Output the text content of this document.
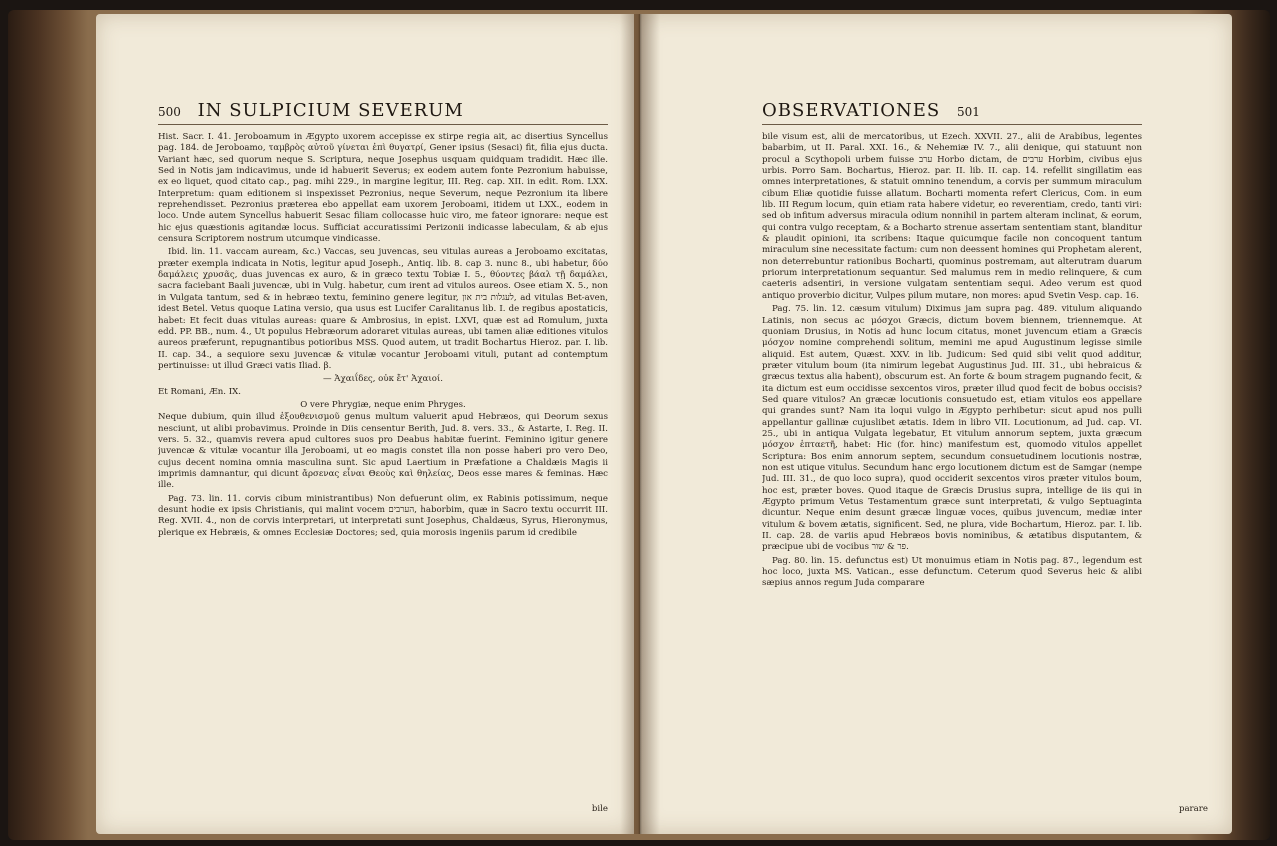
500 IN SULPICIUM SEVERUM

Hist. Sacr. I. 41. Jeroboamum in Ægypto uxorem accepisse ex stirpe regia ait, ac disertius Syncellus pag. 184. de Jeroboamo, ταμβρὸς αὐτοῦ γίνεται ἐπὶ θυγατρί, Gener ipsius (Sesaci) fit, filia ejus ducta. Variant hæc, sed quorum neque S. Scriptura, neque Josephus usquam quidquam tradidit. Hæc ille. Sed in Notis jam indicavimus, unde id habuerit Severus; ex eodem autem fonte Pezronium habuisse, ex eo liquet, quod citato cap., pag. mihi 229., in margine legitur, III. Reg. cap. XII. in edit. Rom. LXX. Interpretum: quam editionem si inspexisset Pezronius, neque Severum, neque Pezronium ita libere reprehendisset. Pezronius præterea ebo appellat eam uxorem Jeroboami, itidem ut LXX., eodem in loco. Unde autem Syncellus habuerit Sesac filiam collocasse huic viro, me fateor ignorare: neque est hic ejus quæstionis agitandæ locus. Sufficiat accuratissimi Perizonii indicasse labeculam, & ab ejus censura Scriptorem nostrum utcumque vindicasse.

Ibid. lin. 11. vaccam auream, &c.) Vaccas, seu juvencas, seu vitulas aureas a Jeroboamo excitatas, præter exempla indicata in Notis, legitur apud Joseph., Antiq. lib. 8. cap 3. nunc 8., ubi habetur, δύο δαμάλεις χρυσᾶς, duas juvencas ex auro, & in græco textu Tobiæ I. 5., θύοντες βάαλ τῇ δαμάλει, sacra faciebant Baali juvencæ, ubi in Vulg. habetur, cum irent ad vitulos aureos. Osee etiam X. 5., non in Vulgata tantum, sed & in hebræo textu, feminino genere legitur, לעגלות בית און, ad vitulas Bet-aven, idest Betel. Vetus quoque Latina versio, qua usus est Lucifer Caralitanus lib. I. de regibus apostaticis, habet: Et fecit duas vitulas aureas: quare & Ambrosius, in epist. LXVI, quæ est ad Romulum, juxta edd. PP. BB., num. 4., Ut populus Hebræorum adoraret vitulas aureas, ubi tamen aliæ editiones vitulos aureos præferunt, repugnantibus potioribus MSS. Quod autem, ut tradit Bochartus Hieroz. par. I. lib. II. cap. 34., a sequiore sexu juvencæ & vitulæ vocantur Jeroboami vituli, putant ad contemptum pertinuisse: ut illud Græci vatis Iliad. β.

— Ἀχαιΐδες, οὐκ ἔτ' Ἀχαιοί.

Et Romani, Æn. IX.

O vere Phrygiæ, neque enim Phryges.

Neque dubium, quin illud ἐξουθενισμοῦ genus multum valuerit apud Hebræos, qui Deorum sexus nesciunt, ut alibi probavimus. Proinde in Diis censentur Berith, Jud. 8. vers. 33., & Astarte, I. Reg. II. vers. 5. 32., quamvis revera apud cultores suos pro Deabus habitæ fuerint. Feminino igitur genere juvencæ & vitulæ vocantur illa Jeroboami, ut eo magis constet illa non posse haberi pro vero Deo, cujus decent nomina omnia masculina sunt. Sic apud Laertium in Præfatione a Chaldæis Magis ii imprimis damnantur, qui dicunt ἄρσενας εἶναι Θεοὺς καὶ θηλείας, Deos esse mares & feminas. Hæc ille.

Pag. 73. lin. 11. corvis cibum ministrantibus) Non defuerunt olim, ex Rabinis potissimum, neque desunt hodie ex ipsis Christianis, qui malint vocem הערבים, haborbim, quæ in Sacro textu occurrit III. Reg. XVII. 4., non de corvis interpretari, ut interpretati sunt Josephus, Chaldæus, Syrus, Hieronymus, plerique ex Hebræis, & omnes Ecclesiæ Doctores; sed, quia morosis ingeniis parum id credibile

bile
OBSERVATIONES 501

bile visum est, alii de mercatoribus, ut Ezech. XXVII. 27., alii de Arabibus, legentes babarbim, ut II. Paral. XXI. 16., & Nehemiæ IV. 7., alii denique, qui statuunt non procul a Scythopoli urbem fuisse ערב Horbo dictam, de ערבים Horbim, civibus ejus urbis. Porro Sam. Bochartus, Hieroz. par. II. lib. II. cap. 14. refellit singillatim eas omnes interpretationes, & statuit omnino tenendum, a corvis per summum miraculum cibum Eliæ quotidie fuisse allatum. Bocharti momenta refert Clericus, Com. in eum lib. III Regum locum, quin etiam rata habere videtur, eo reverentiam, credo, tanti viri: sed ob infitum adversus miracula odium nonnihil in partem alteram inclinat, & eorum, qui contra vulgo receptam, & a Bocharto strenue assertam sententiam stant, blanditur & plaudit opinioni, ita scribens: Itaque quicumque facile non concoquent tantum miraculum sine necessitate factum: cum non deessent homines qui Prophetam alerent, non deterrebuntur rationibus Bocharti, quominus postremam, aut alterutram duarum priorum interpretationum sequantur. Sed malumus rem in medio relinquere, & cum caeteris adsentiri, in versione vulgatam sententiam sequi. Adeo verum est quod antiquo proverbio dicitur, Vulpes pilum mutare, non mores: apud Svetin Vesp. cap. 16.

Pag. 75. lin. 12. cæsum vitulum) Diximus jam supra pag. 489. vitulum aliquando Latinis, non secus ac μόσχοι Græcis, dictum bovem biennem, triennemque. At quoniam Drusius, in Notis ad hunc locum citatus, monet juvencum etiam a Græcis μόσχον nomine comprehendi solitum, memini me apud Augustinum legisse simile aliquid. Est autem, Quæst. XXV. in lib. Judicum: Sed quid sibi velit quod additur, præter vitulum boum (ita nimirum legebat Augustinus Jud. III. 31., ubi hebraicus & græcus textus alia habent), obscurum est. An forte & boum stragem pugnando fecit, & ita dictum est eum occidisse sexcentos viros, præter illud quod fecit de bobus occisis? Sed quare vitulos? An græcæ locutionis consuetudo est, etiam vitulos eos appellare qui grandes sunt? Nam ita loqui vulgo in Ægypto perhibetur: sicut apud nos pulli appellantur gallinæ cujuslibet ætatis. Idem in libro VII. Locutionum, ad Jud. cap. VI. 25., ubi in antiqua Vulgata legebatur, Et vitulum annorum septem, juxta græcum μόσχον ἑπταετῆ, habet: Hic (for. hinc) manifestum est, quomodo vitulos appellet Scriptura: Bos enim annorum septem, secundum consuetudinem locutionis nostræ, non est utique vitulus. Secundum hanc ergo locutionem dictum est de Samgar (nempe Jud. III. 31., de quo loco supra), quod occiderit sexcentos viros præter vitulos boum, hoc est, præter boves. Quod itaque de Græcis Drusius supra, intellige de iis qui in Ægypto primum Vetus Testamentum græce sunt interpretati, & vulgo Septuaginta dicuntur. Neque enim desunt græcæ linguæ voces, quibus juvencum, mediæ inter vitulum & bovem ætatis, significent. Sed, ne plura, vide Bochartum, Hieroz. par. I. lib. II. cap. 28. de variis apud Hebræos bovis nominibus, & ætatibus disputantem, & præcipue ubi de vocibus פר & שור.

Pag. 80. lin. 15. defunctus est) Ut monuimus etiam in Notis pag. 87., legendum est hoc loco, juxta MS. Vatican., esse defunctum. Ceterum quod Severus heic & alibi sæpius annos regum Juda comparare

parare
